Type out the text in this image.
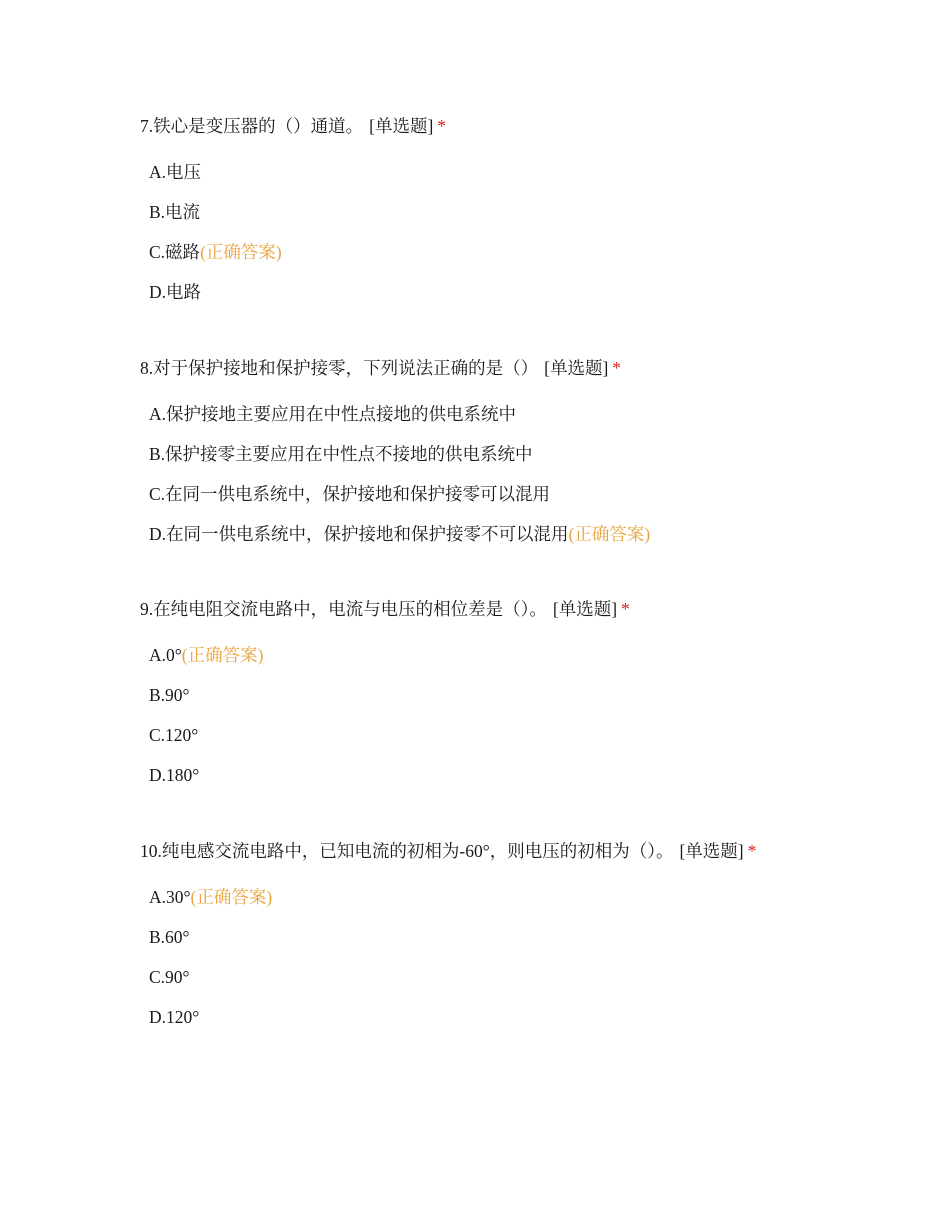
7.铁心是变压器的（）通道。 [单选题] *
A.电压
B.电流
C.磁路(正确答案)
D.电路
8.对于保护接地和保护接零，下列说法正确的是（） [单选题] *
A.保护接地主要应用在中性点接地的供电系统中
B.保护接零主要应用在中性点不接地的供电系统中
C.在同一供电系统中，保护接地和保护接零可以混用
D.在同一供电系统中，保护接地和保护接零不可以混用(正确答案)
9.在纯电阻交流电路中，电流与电压的相位差是（）。 [单选题] *
A.0°(正确答案)
B.90°
C.120°
D.180°
10.纯电感交流电路中，已知电流的初相为-60°，则电压的初相为（）。 [单选题] *
A.30°(正确答案)
B.60°
C.90°
D.120°
